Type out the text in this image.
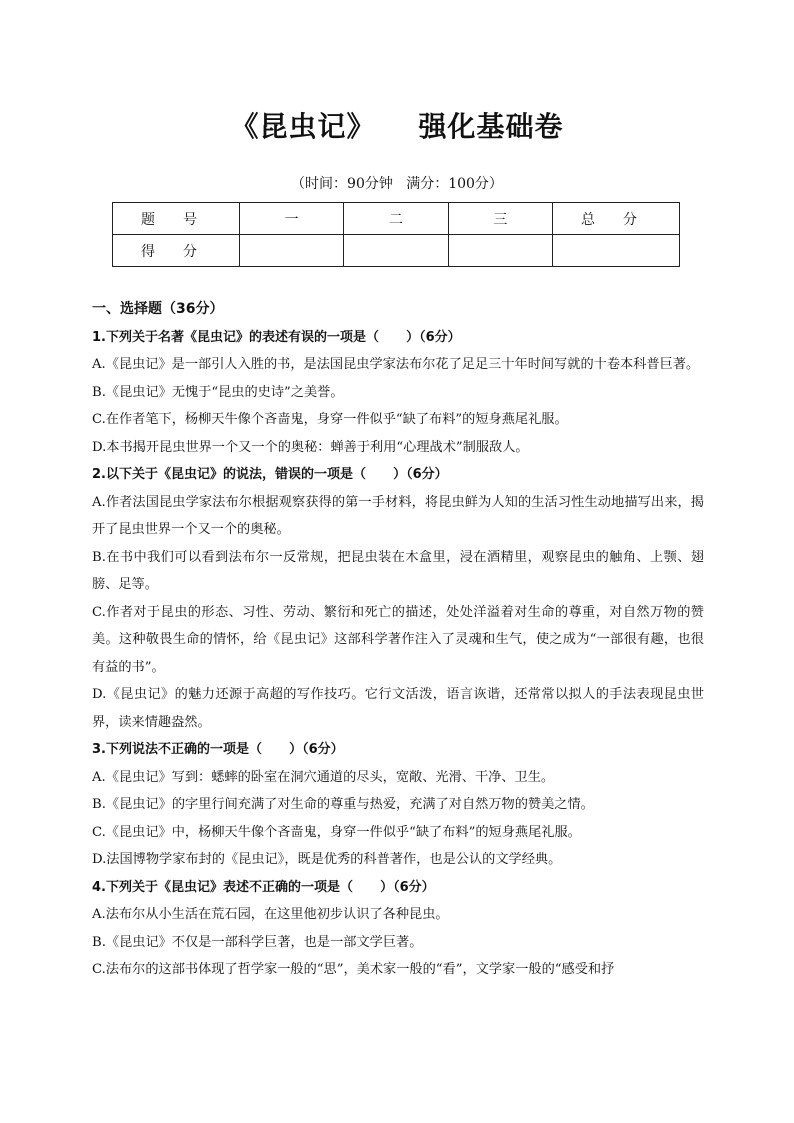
《昆虫记》    强化基础卷
（时间：90分钟   满分：100分）
题号	一	二	三	总分
得分				
一、选择题（36分）
1.下列关于名著《昆虫记》的表述有误的一项是（      ）（6分）
A.《昆虫记》是一部引人入胜的书，是法国昆虫学家法布尔花了足足三十年时间写就的十卷本科普巨著。
B.《昆虫记》无愧于“昆虫的史诗”之美誉。
C.在作者笔下，杨柳天牛像个吝啬鬼，身穿一件似乎“缺了布料”的短身燕尾礼服。
D.本书揭开昆虫世界一个又一个的奥秘：蝉善于利用“心理战术”制服敌人。
2.以下关于《昆虫记》的说法，错误的一项是（      ）（6分）
A.作者法国昆虫学家法布尔根据观察获得的第一手材料，将昆虫鲜为人知的生活习性生动地描写出来，揭开了昆虫世界一个又一个的奥秘。
B.在书中我们可以看到法布尔一反常规，把昆虫装在木盒里，浸在酒精里，观察昆虫的触角、上颚、翅膀、足等。
C.作者对于昆虫的形态、习性、劳动、繁衍和死亡的描述，处处洋溢着对生命的尊重，对自然万物的赞美。这种敬畏生命的情怀，给《昆虫记》这部科学著作注入了灵魂和生气，使之成为“一部很有趣，也很有益的书”。
D.《昆虫记》的魅力还源于高超的写作技巧。它行文活泼，语言诙谐，还常常以拟人的手法表现昆虫世界，读来情趣盎然。
3.下列说法不正确的一项是（      ）（6分）
A.《昆虫记》写到：蟋蟀的卧室在洞穴通道的尽头，宽敞、光滑、干净、卫生。
B.《昆虫记》的字里行间充满了对生命的尊重与热爱，充满了对自然万物的赞美之情。
C.《昆虫记》中，杨柳天牛像个吝啬鬼，身穿一件似乎“缺了布料”的短身燕尾礼服。
D.法国博物学家布封的《昆虫记》，既是优秀的科普著作，也是公认的文学经典。
4.下列关于《昆虫记》表述不正确的一项是（      ）（6分）
A.法布尔从小生活在荒石园，在这里他初步认识了各种昆虫。
B.《昆虫记》不仅是一部科学巨著，也是一部文学巨著。
C.法布尔的这部书体现了哲学家一般的“思”，美术家一般的“看”，文学家一般的“感受和抒
